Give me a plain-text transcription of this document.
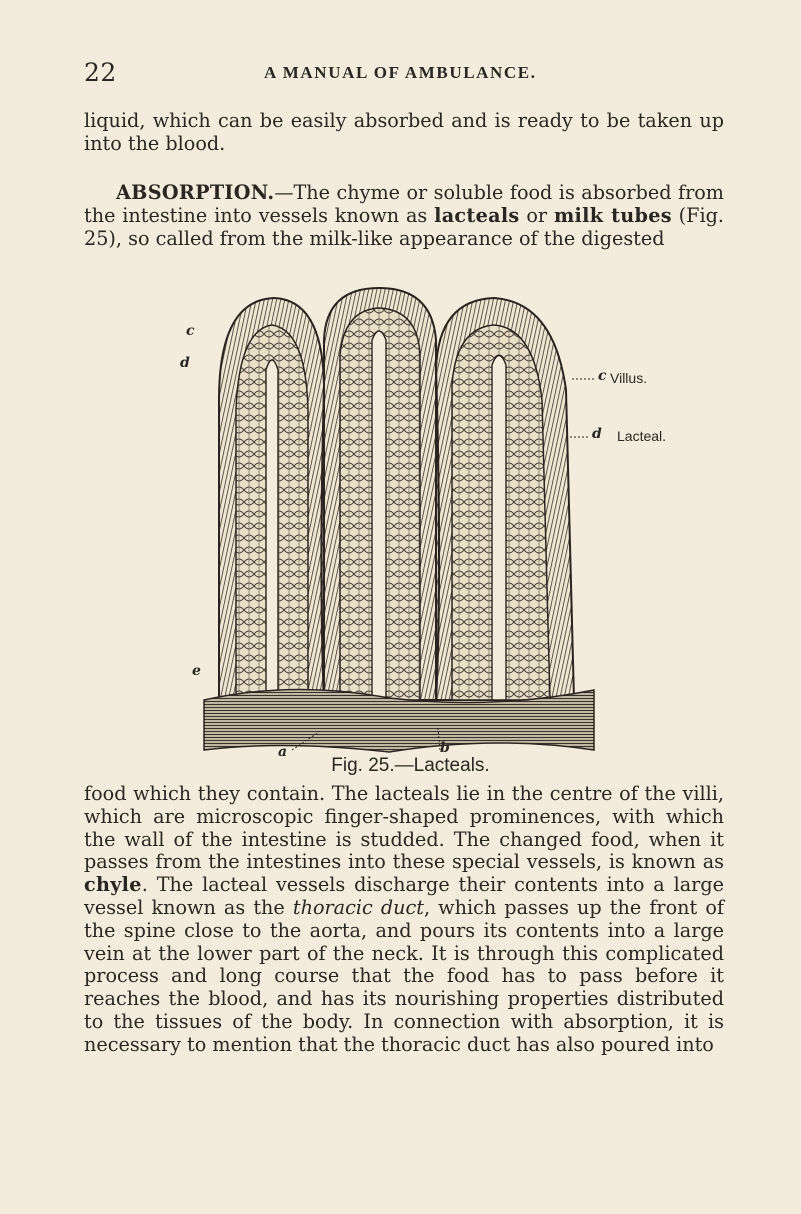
22	A MANUAL OF AMBULANCE.

liquid, which can be easily absorbed and is ready to be taken up into the blood.

ABSORPTION.—The chyme or soluble food is absorbed from the intestine into vessels known as lacteals or milk tubes (Fig. 25), so called from the milk-like appearance of the digested

c
d
e
a	b
c Villus.
d Lacteal.
Fig. 25.—Lacteals.

food which they contain. The lacteals lie in the centre of the villi, which are microscopic finger-shaped prominences, with which the wall of the intestine is studded. The changed food, when it passes from the intestines into these special vessels, is known as chyle. The lacteal vessels discharge their contents into a large vessel known as the thoracic duct, which passes up the front of the spine close to the aorta, and pours its contents into a large vein at the lower part of the neck. It is through this complicated process and long course that the food has to pass before it reaches the blood, and has its nourishing properties distributed to the tissues of the body. In connection with absorption, it is necessary to mention that the thoracic duct has also poured into
